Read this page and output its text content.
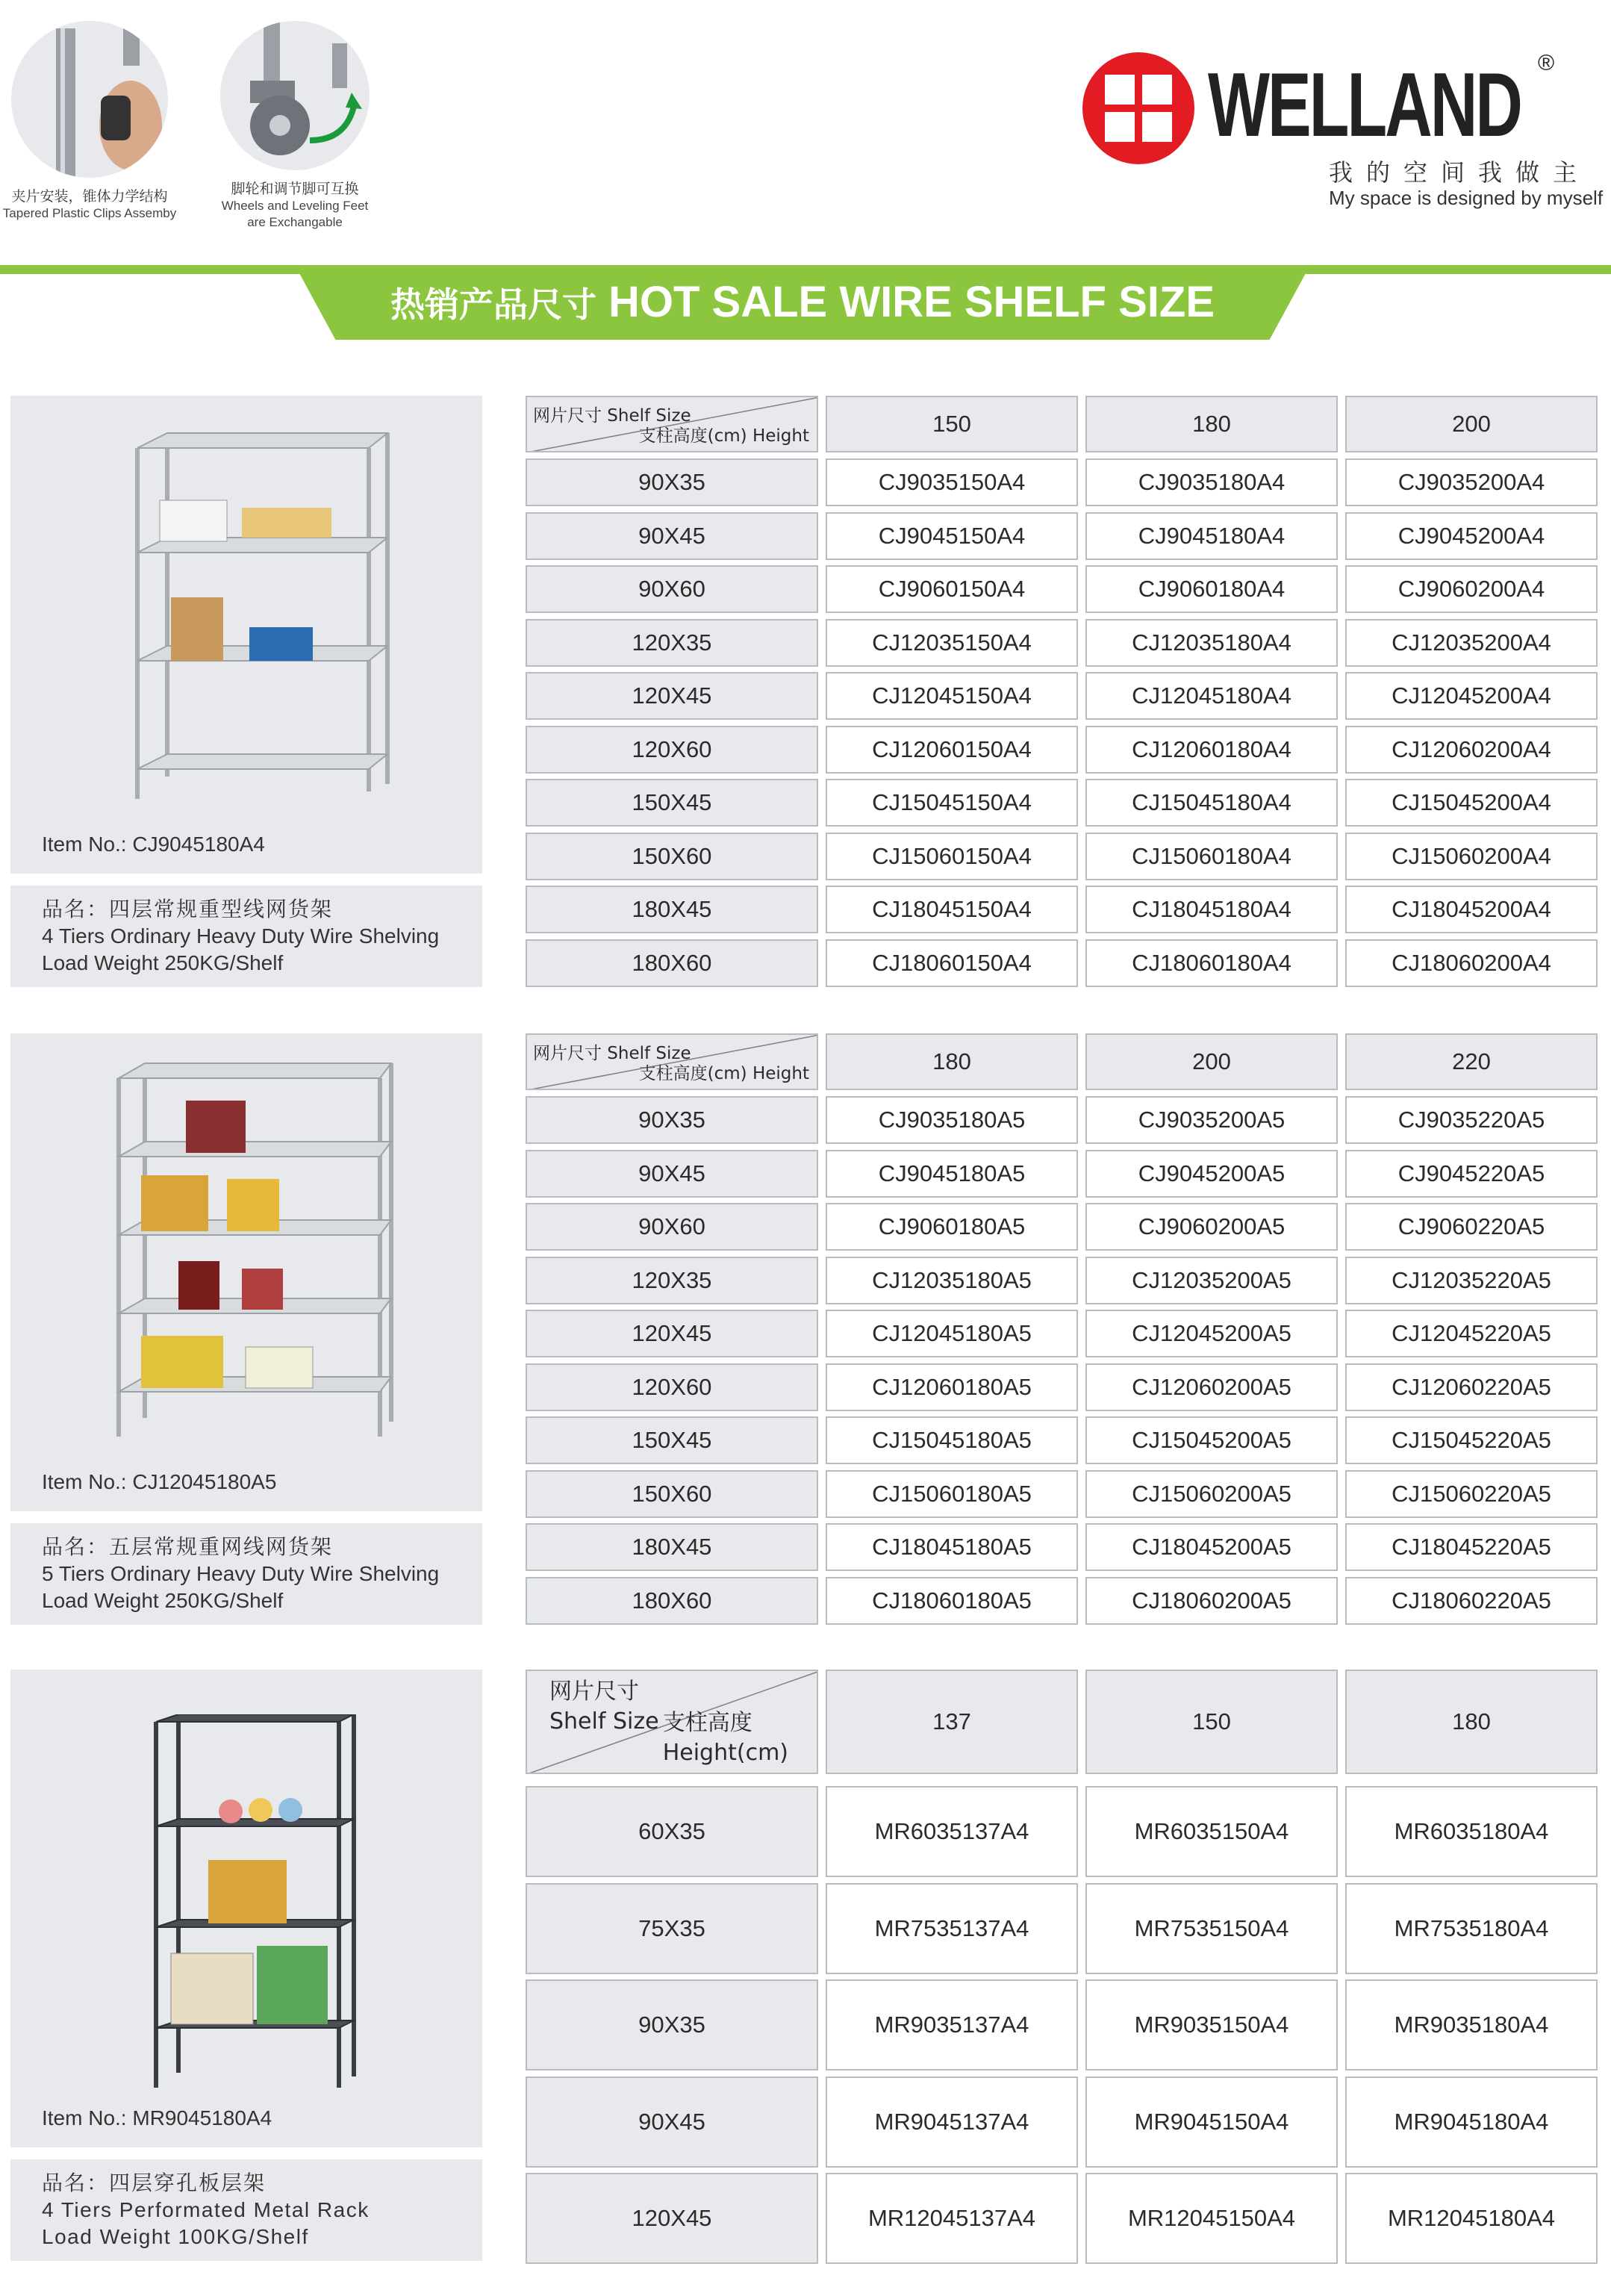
夹片安装，锥体力学结构
Tapered Plastic Clips Assemby
脚轮和调节脚可互换
Wheels and Leveling Feet are Exchangable
WELLAND ®
我的空间我做主
My space is designed by myself
热销产品尺寸 HOT SALE WIRE SHELF SIZE
Item No.: CJ9045180A4
品名：四层常规重型线网货架
4 Tiers Ordinary Heavy Duty Wire Shelving
Load Weight 250KG/Shelf
网片尺寸 Shelf Size
支柱高度(cm) Height	150	180	200
90X35	CJ9035150A4	CJ9035180A4	CJ9035200A4
90X45	CJ9045150A4	CJ9045180A4	CJ9045200A4
90X60	CJ9060150A4	CJ9060180A4	CJ9060200A4
120X35	CJ12035150A4	CJ12035180A4	CJ12035200A4
120X45	CJ12045150A4	CJ12045180A4	CJ12045200A4
120X60	CJ12060150A4	CJ12060180A4	CJ12060200A4
150X45	CJ15045150A4	CJ15045180A4	CJ15045200A4
150X60	CJ15060150A4	CJ15060180A4	CJ15060200A4
180X45	CJ18045150A4	CJ18045180A4	CJ18045200A4
180X60	CJ18060150A4	CJ18060180A4	CJ18060200A4
Item No.: CJ12045180A5
品名：五层常规重网线网货架
5 Tiers Ordinary Heavy Duty Wire Shelving
Load Weight 250KG/Shelf
网片尺寸 Shelf Size
支柱高度(cm) Height	180	200	220
90X35	CJ9035180A5	CJ9035200A5	CJ9035220A5
90X45	CJ9045180A5	CJ9045200A5	CJ9045220A5
90X60	CJ9060180A5	CJ9060200A5	CJ9060220A5
120X35	CJ12035180A5	CJ12035200A5	CJ12035220A5
120X45	CJ12045180A5	CJ12045200A5	CJ12045220A5
120X60	CJ12060180A5	CJ12060200A5	CJ12060220A5
150X45	CJ15045180A5	CJ15045200A5	CJ15045220A5
150X60	CJ15060180A5	CJ15060200A5	CJ15060220A5
180X45	CJ18045180A5	CJ18045200A5	CJ18045220A5
180X60	CJ18060180A5	CJ18060200A5	CJ18060220A5
Item No.: MR9045180A4
品名：四层穿孔板层架
4 Tiers Performated Metal Rack
Load Weight 100KG/Shelf
网片尺寸
Shelf Size 支柱高度
Height(cm)
137	150	180
60X35	MR6035137A4	MR6035150A4	MR6035180A4
75X35	MR7535137A4	MR7535150A4	MR7535180A4
90X35	MR9035137A4	MR9035150A4	MR9035180A4
90X45	MR9045137A4	MR9045150A4	MR9045180A4
120X45	MR12045137A4	MR12045150A4	MR12045180A4
